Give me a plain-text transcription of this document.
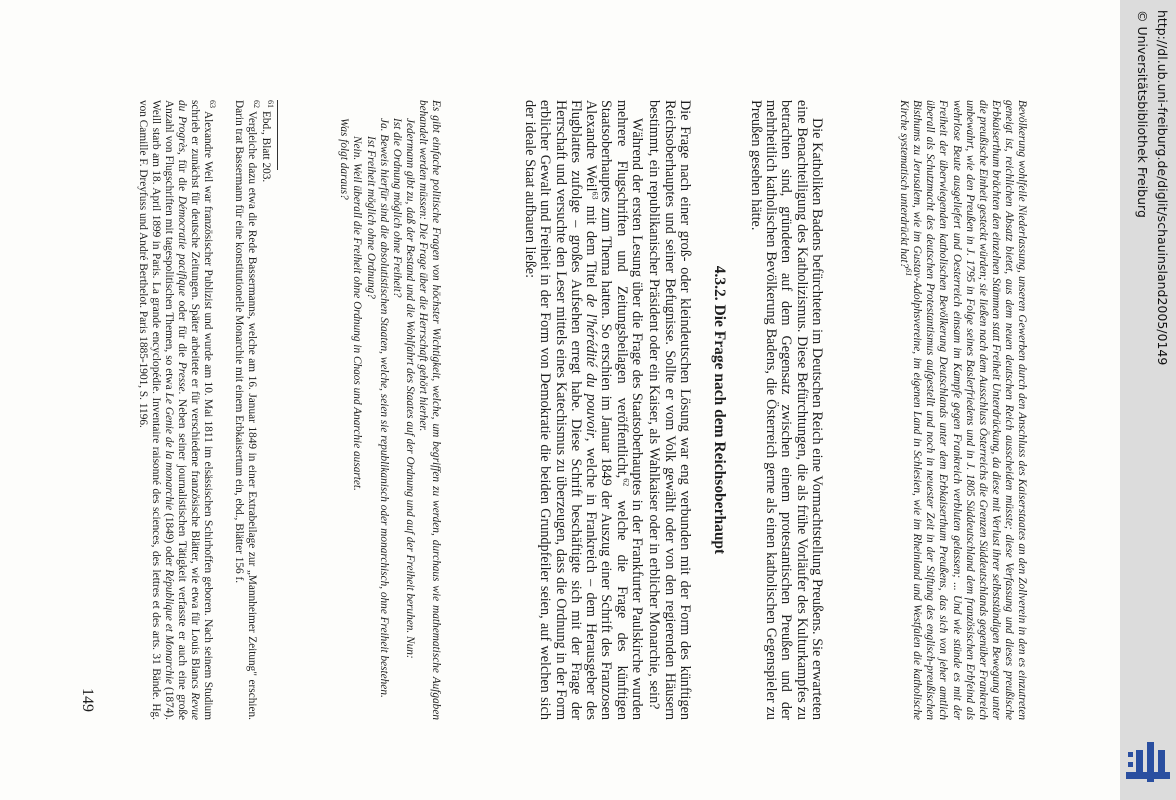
Bevölkerung wohlfeile Niederlassung, unseren Gewerben durch den Anschluss des Kaiserstaates an den Zollverein in den es einzutreten geneigt ist, reichlichen Absatz bietet, aus dem neuen deutschen Reich ausscheiden müsste; diese Verfassung und dieses preußische Erbkaiserthum brächten den einzelnen Stämmen statt Freiheit Unterdrückung, da diese mit Verlust ihrer selbstständigen Bewegung unter die preußische Einheit gesteckt würden; sie ließen nach dem Ausschluss Österreichs die Grenzen Süddeutschlands gegenüber Frankreich unbewahrt, wie den Preußen in J. 1795 in Folge seines Baslerfriedens und in J. 1805 Süddeutschland dem französischen Erbfeind als wehrlose Beute ausgeliefert und Oesterreich einsam im Kampfe gegen Frankreich verbluten gelassen; ... Und wie stünde es mit der Freiheit der überwiegenden katholischen Bevölkerung Deutschlands unter dem Erbkaiserthum Preußens, das sich von jeher amtlich überall als Schutzmacht des deutschen Protestantismus aufgestellt und noch in neuester Zeit in der Stiftung des englisch-preußischen Bisthums zu Jerusalem, wie im Gustav-Adolphsvereine, im eigenen Land in Schlesien, wie im Rheinland und Westfalen die katholische Kirche systematisch unterdrückt hat?$^{61}$

Die Katholiken Badens befürchteten im Deutschen Reich eine Vormachtstellung Preußens. Sie erwarteten eine Benachteiligung des Katholizismus. Diese Befürchtungen, die als frühe Vorläufer des Kulturkampfes zu betrachten sind, gründeten auf dem Gegensatz zwischen einem protestantischen Preußen und der mehrheitlich katholischen Bevölkerung Badens, die Österreich gerne als einen katholischen Gegenspieler zu Preußen gesehen hätte.

4.3.2. Die Frage nach dem Reichsoberhaupt

Die Frage nach einer groß- oder kleindeutschen Lösung war eng verbunden mit der Form des künftigen Reichsoberhauptes und seiner Befugnisse. Sollte er vom Volk gewählt oder von den regierenden Häusern bestimmt, ein republikanischer Präsident oder ein Kaiser, als Wahlkaiser oder in erblicher Monarchie, sein?

Während der ersten Lesung über die Frage des Staatsoberhauptes in der Frankfurter Paulskirche wurden mehrere Flugschriften und Zeitungsbeilagen veröffentlicht,$^{62}$ welche die Frage des künftigen Staatsoberhauptes zum Thema hatten. So erschien im Januar 1849 der Auszug einer Schrift des Franzosen Alexandre Weil$^{63}$ mit dem Titel de l'hérédité du pouvoir, welche in Frankreich – dem Herausgeber des Flugblattes zufolge – großes Aufsehen erregt habe. Diese Schrift beschäftigte sich mit der Frage der Herrschaft und versuchte den Leser mittels eines Katechismus zu überzeugen, dass die Ordnung in der Form erblicher Gewalt und Freiheit in der Form von Demokratie die beiden Grundpfeiler seien, auf welchen sich der ideale Staat aufbauen ließe:

Es gibt einfache politische Fragen von höchster Wichtigkeit, welche, um begriffen zu werden, durchaus wie mathematische Aufgaben behandelt werden müssen: Die Frage über die Herrschaft gehört hierher.

Jedermann gibt zu, daß der Bestand und die Wohlfahrt des Staates auf der Ordnung und auf der Freiheit beruhen. Nun:

Ist die Ordnung möglich ohne Freiheit?

Ja. Beweis hierfür sind die absolutistischen Staaten, welche, seien sie republikanisch oder monarchisch, ohne Freiheit bestehen.

Ist Freiheit möglich ohne Ordnung?

Nein. Weil überall die Freiheit ohne Ordnung in Chaos und Anarchie ausartet.

Was folgt daraus?

$^{61}$Ebd., Blatt 203.

$^{62}$Vergleiche dazu etwa die Rede Bassermanns, welche am 16. Januar 1849 in einer Extrabeilage zur „Mannheimer Zeitung" erschien. Darin trat Bassermann für eine konstitutionelle Monarchie mit einem Erbkaisertum ein, ebd., Blätter 156 f.

$^{63}$Alexandre Weil war französischer Publizist und wurde am 10. Mai 1811 im elsässischen Schirhoffen geboren. Nach seinem Studium schrieb er zunächst für deutsche Zeitungen. Später arbeitete er für verschiedene französische Blätter, wie etwa für Louis Blancs Revue du Progrès, für die Démocratie pacifique oder für die Presse. Neben seiner journalistischen Tätigkeit verfasste er auch eine große Anzahl von Flugschriften mit tagespolitischen Themen, so etwa Le Genie de la monarchie (1849) oder République et Monarchie (1874). Weill starb am 18. April 1899 in Paris. La grande encyclopédie. Inventaire raisonné des sciences, des lettres et des arts. 31 Bände. Hg. von Camille F. Dreyfuss und André Berthelot. Paris 1885-1901, S. 1196.

149

http://dl.ub.uni-freiburg.de/diglit/schauinsland2005/0149

© Universitätsbibliothek Freiburg
